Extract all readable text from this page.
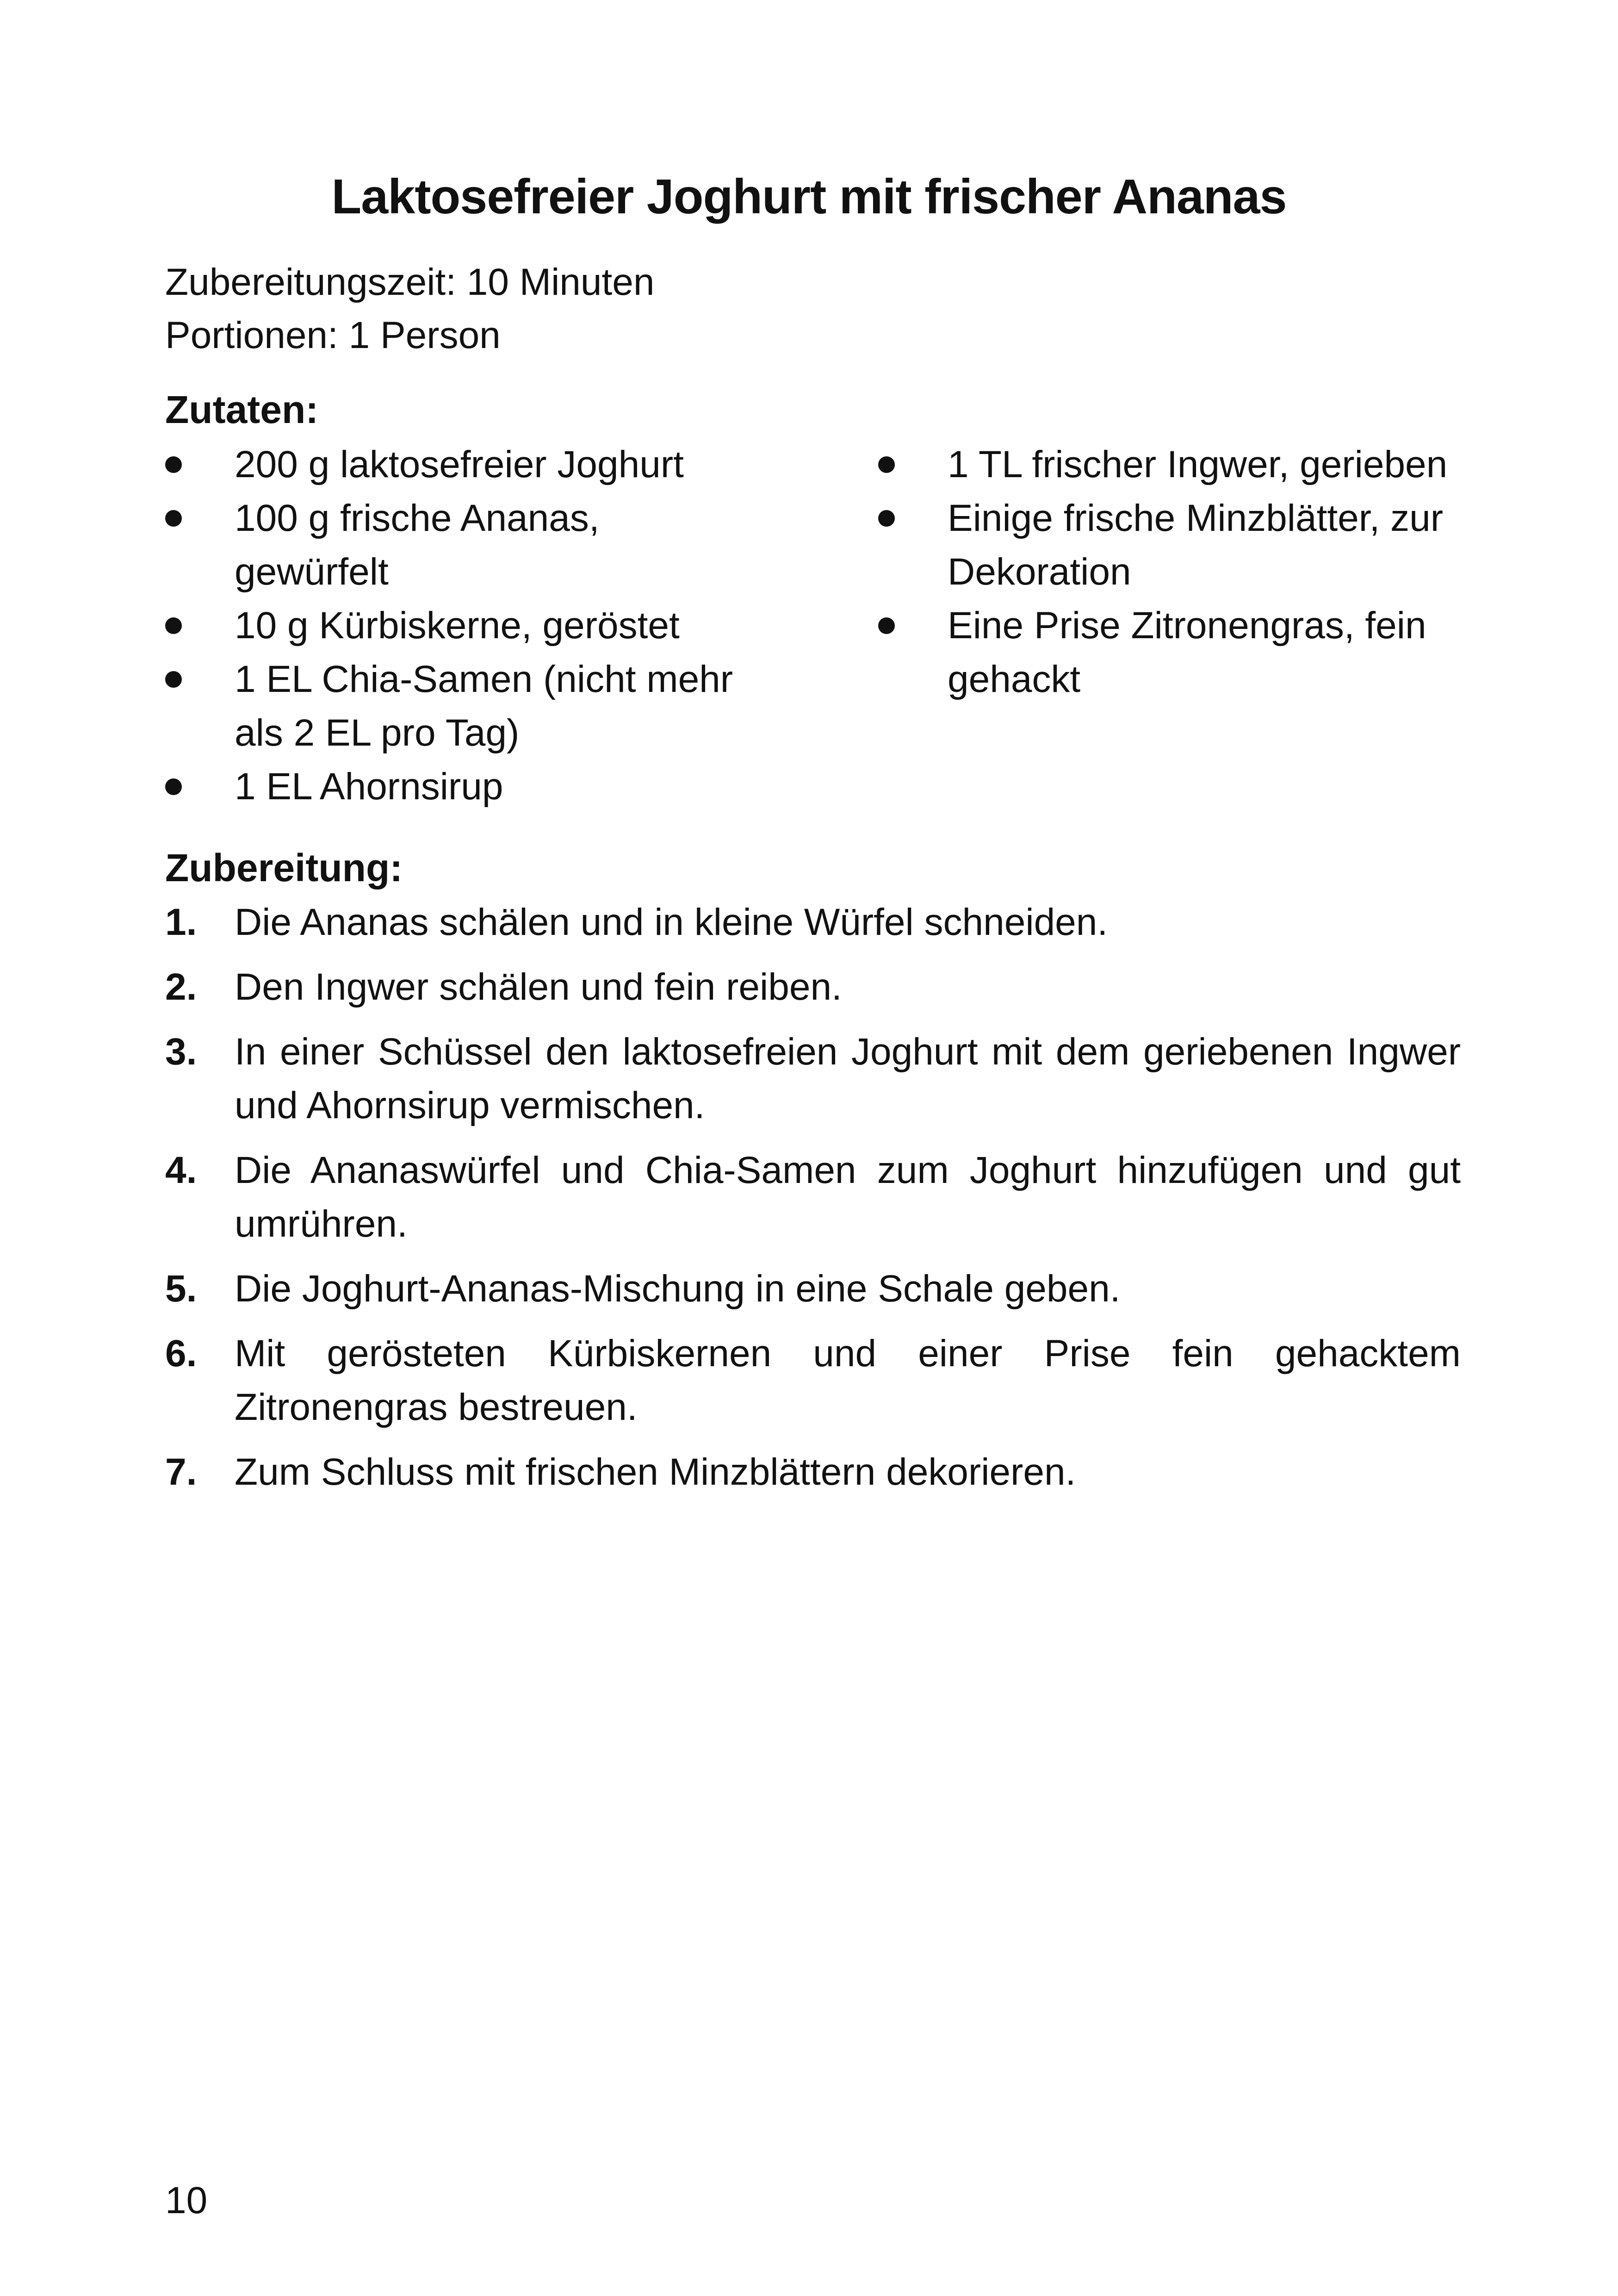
Laktosefreier Joghurt mit frischer Ananas
Zubereitungszeit: 10 Minuten
Portionen: 1 Person
Zutaten:
200 g laktosefreier Joghurt
100 g frische Ananas, gewürfelt
10 g Kürbiskerne, geröstet
1 EL Chia-Samen (nicht mehr als 2 EL pro Tag)
1 EL Ahornsirup
1 TL frischer Ingwer, gerieben
Einige frische Minzblätter, zur Dekoration
Eine Prise Zitronengras, fein gehackt
Zubereitung:
1. Die Ananas schälen und in kleine Würfel schneiden.
2. Den Ingwer schälen und fein reiben.
3. In einer Schüssel den laktosefreien Joghurt mit dem geriebenen Ingwer und Ahornsirup vermischen.
4. Die Ananaswürfel und Chia-Samen zum Joghurt hinzufügen und gut umrühren.
5. Die Joghurt-Ananas-Mischung in eine Schale geben.
6. Mit gerösteten Kürbiskernen und einer Prise fein gehacktem Zitronengras bestreuen.
7. Zum Schluss mit frischen Minzblättern dekorieren.
10
